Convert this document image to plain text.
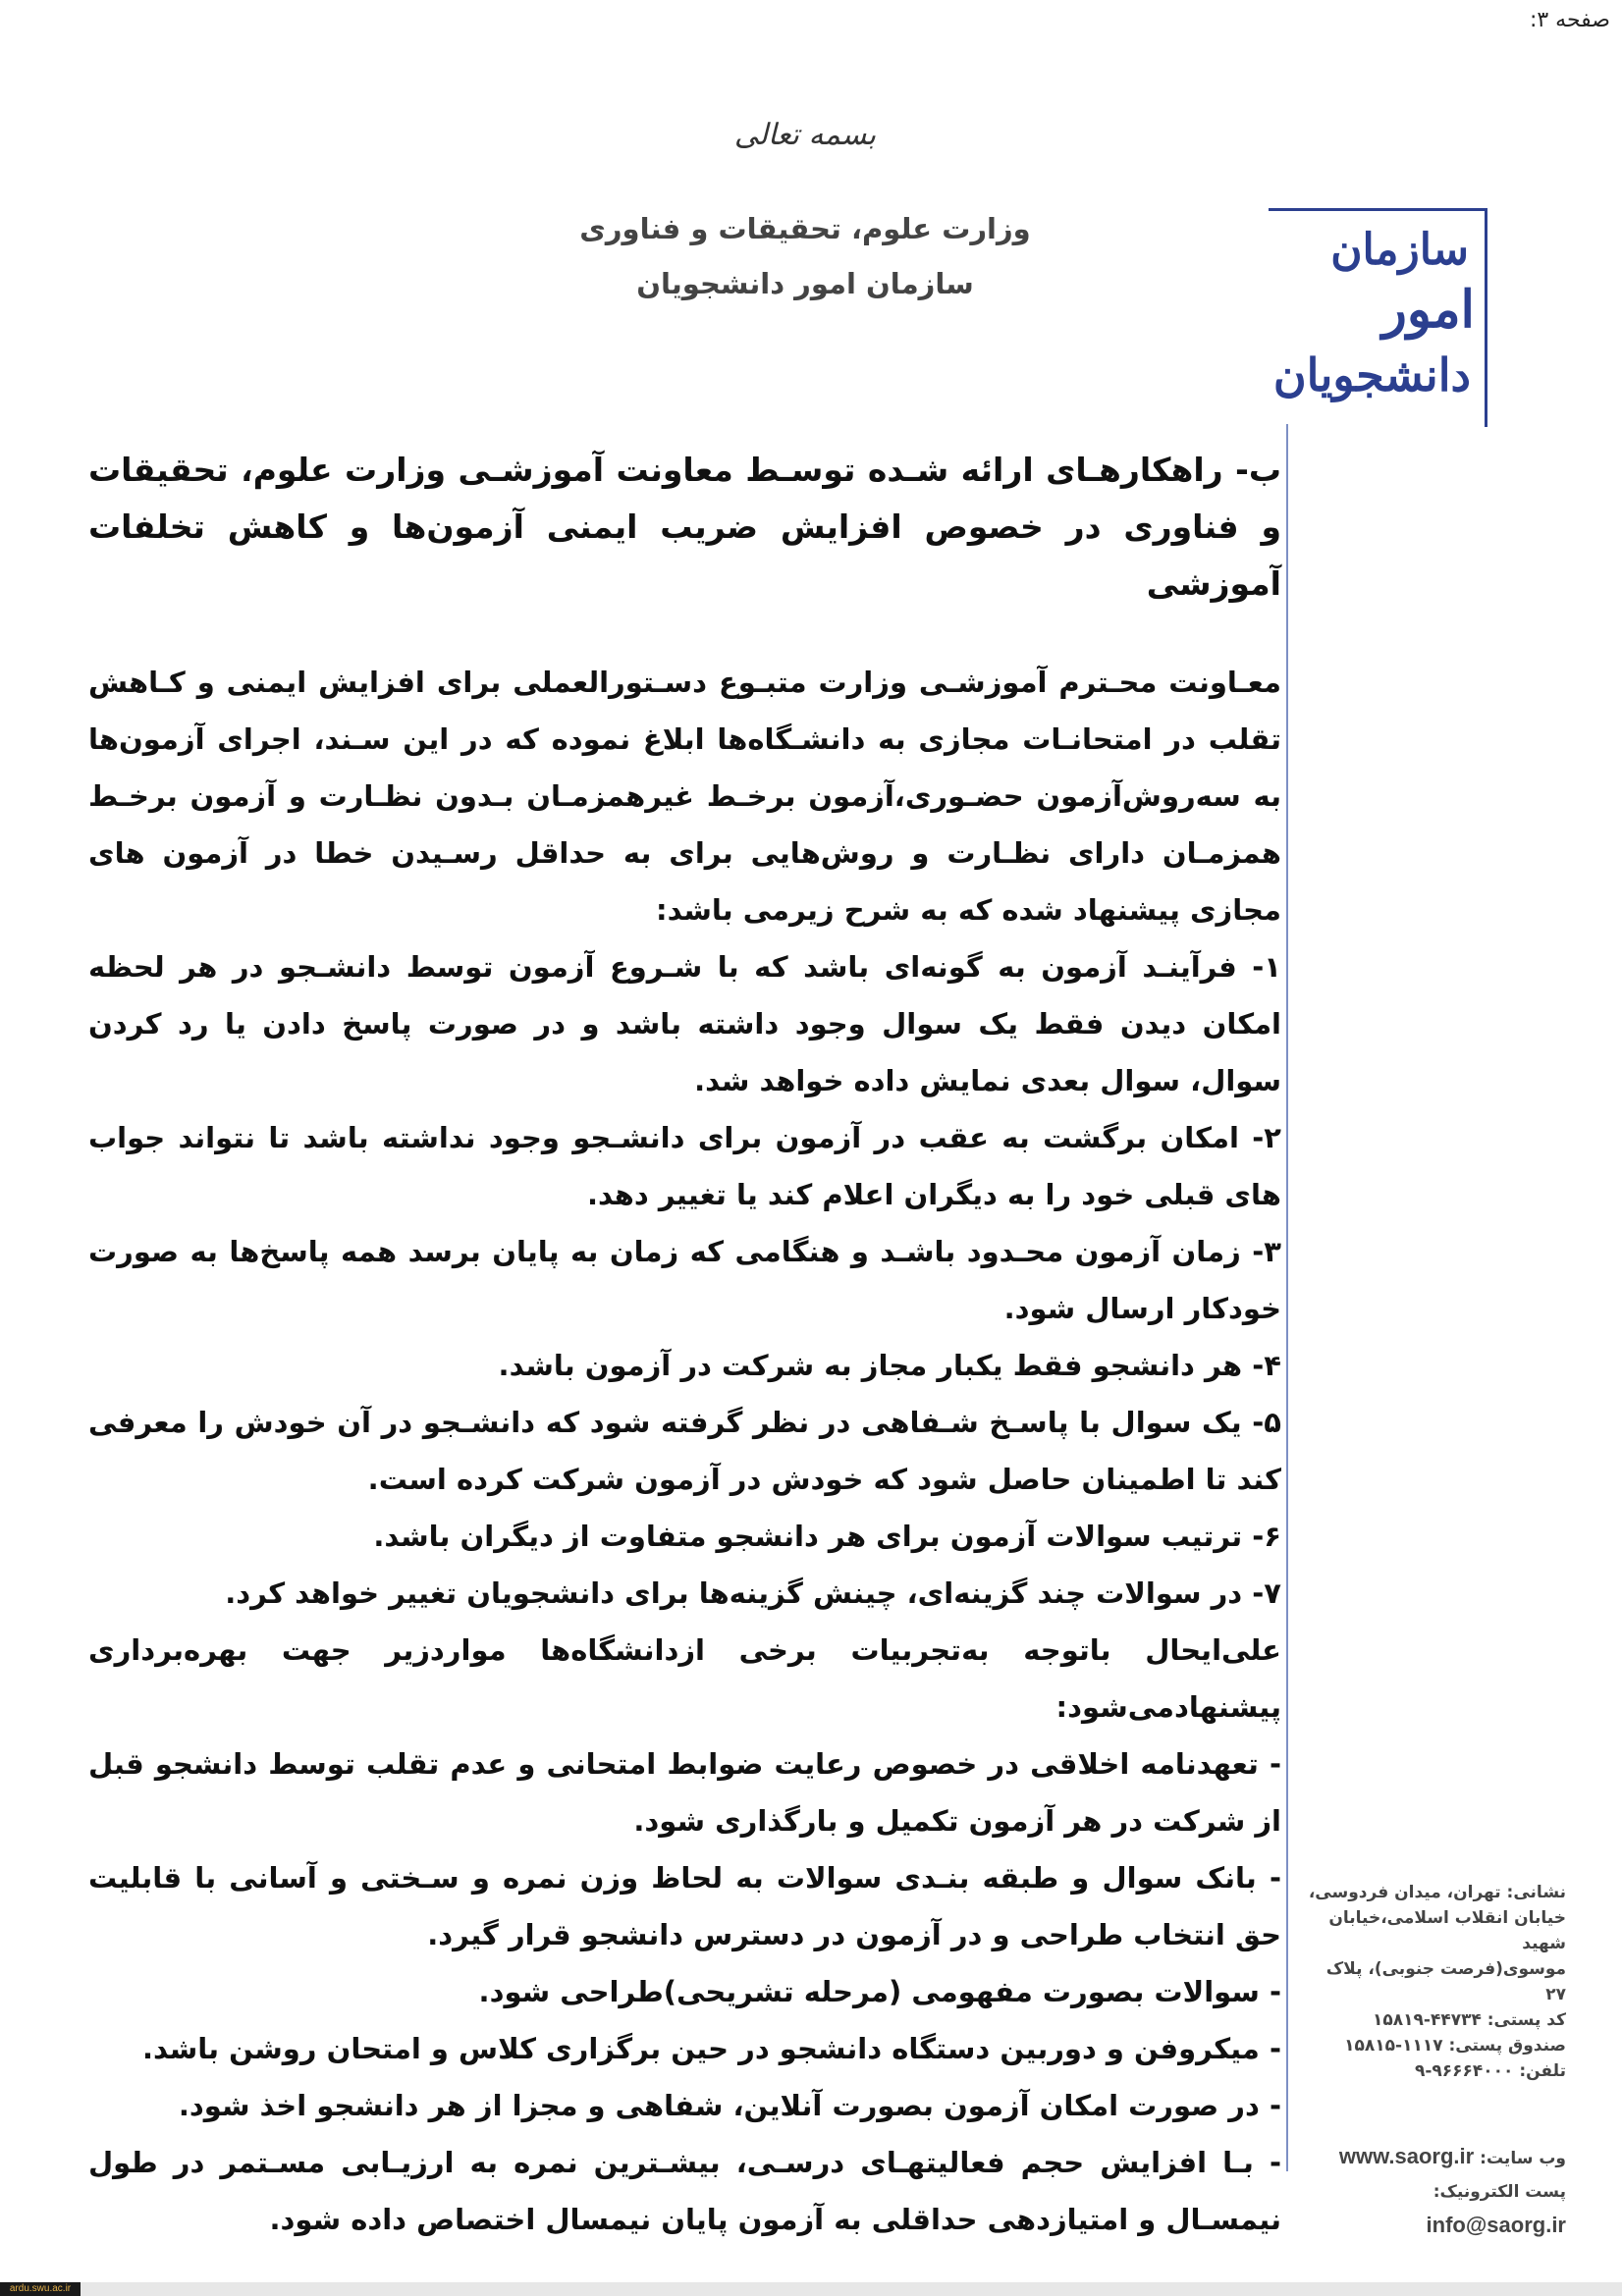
صفحه ۳:
بسمه تعالی
وزارت علوم، تحقیقات و فناوری
سازمان امور دانشجویان
سازمان
امور
دانشجویان

ب- راهکارهـای ارائه شـده توسـط معاونت آموزشـی وزارت علوم، تحقیقات و فناوری در خصوص افزایش ضریب ایمنی آزمون‌ها و کاهش تخلفات آموزشی

معـاونت محـترم آموزشـی وزارت متبـوع دسـتورالعملی برای افزایش ایمنی و کـاهش تقلب در امتحانـات مجازی به دانشـگاه‌ها ابلاغ نموده که در این سـند، اجرای آزمون‌ها به سه‌روش‌آزمون حضـوری،آزمون برخـط غیرهمزمـان بـدون نظـارت و آزمون برخـط همزمـان دارای نظـارت و روش‌هایی برای به حداقل رسـیدن خطا در آزمون های مجازی پیشنهاد شده که به شرح زیرمی باشد:

۱- فرآینـد آزمون به گونه‌ای باشد که با شـروع آزمون توسط دانشـجو در هر لحظه امکان دیدن فقط یک سوال وجود داشته باشد و در صورت پاسخ دادن یا رد کردن سوال، سوال بعدی نمایش داده خواهد شد.

۲- امکان برگشت به عقب در آزمون برای دانشـجو وجود نداشته باشد تا نتواند جواب های قبلی خود را به دیگران اعلام کند یا تغییر دهد.

۳- زمان آزمون محـدود باشـد و هنگامی که زمان به پایان برسد همه پاسخ‌ها به صورت خودکار ارسال شود.

۴- هر دانشجو فقط یکبار مجاز به شرکت در آزمون باشد.

۵- یک سوال با پاسـخ شـفاهی در نظر گرفته شود که دانشـجو در آن خودش را معرفی کند تا اطمینان حاصل شود که خودش در آزمون شرکت کرده است.

۶- ترتیب سوالات آزمون برای هر دانشجو متفاوت از دیگران باشد.

۷- در سوالات چند گزینه‌ای، چینش گزینه‌ها برای دانشجویان تغییر خواهد کرد.

علی‌ایحال باتوجه به‌تجربیات برخی ازدانشگاه‌ها مواردزیر جهت بهره‌برداری پیشنهادمی‌شود:

- تعهدنامه اخلاقی در خصوص رعایت ضوابط امتحانی و عدم تقلب توسط دانشجو قبل از شرکت در هر آزمون تکمیل و بارگذاری شود.

- بانک سوال و طبقه بنـدی سوالات به لحاظ وزن نمره و سـختی و آسانی با قابلیت حق انتخاب طراحی و در آزمون در دسترس دانشجو قرار گیرد.

- سوالات بصورت مفهومی (مرحله تشریحی)طراحی شود.

- میکروفن و دوربین دستگاه دانشجو در حین برگزاری کلاس و امتحان روشن باشد.

- در صورت امکان آزمون بصورت آنلاین، شفاهی و مجزا از هر دانشجو اخذ شود.

- بـا افزایش حجم فعالیتهـای درسـی، بیشـترین نمره به ارزیـابی مسـتمر در طول نیمسـال و امتیازدهی حداقلی به آزمون پایان نیمسال اختصاص داده شود.

نشانی: تهران، میدان فردوسی،
خیابان انقلاب اسلامی،خیابان شهید
موسوی(فرصت جنوبی)، پلاک ۲۷
کد پستی: ۴۴۷۳۴-۱۵۸۱۹
صندوق پستی: ۱۱۱۷-۱۵۸۱۵
تلفن: ۹۶۶۶۴۰۰۰-۹
وب سایت: www.saorg.ir
پست الکترونیک: info@saorg.ir
ardu.swu.ac.ir
